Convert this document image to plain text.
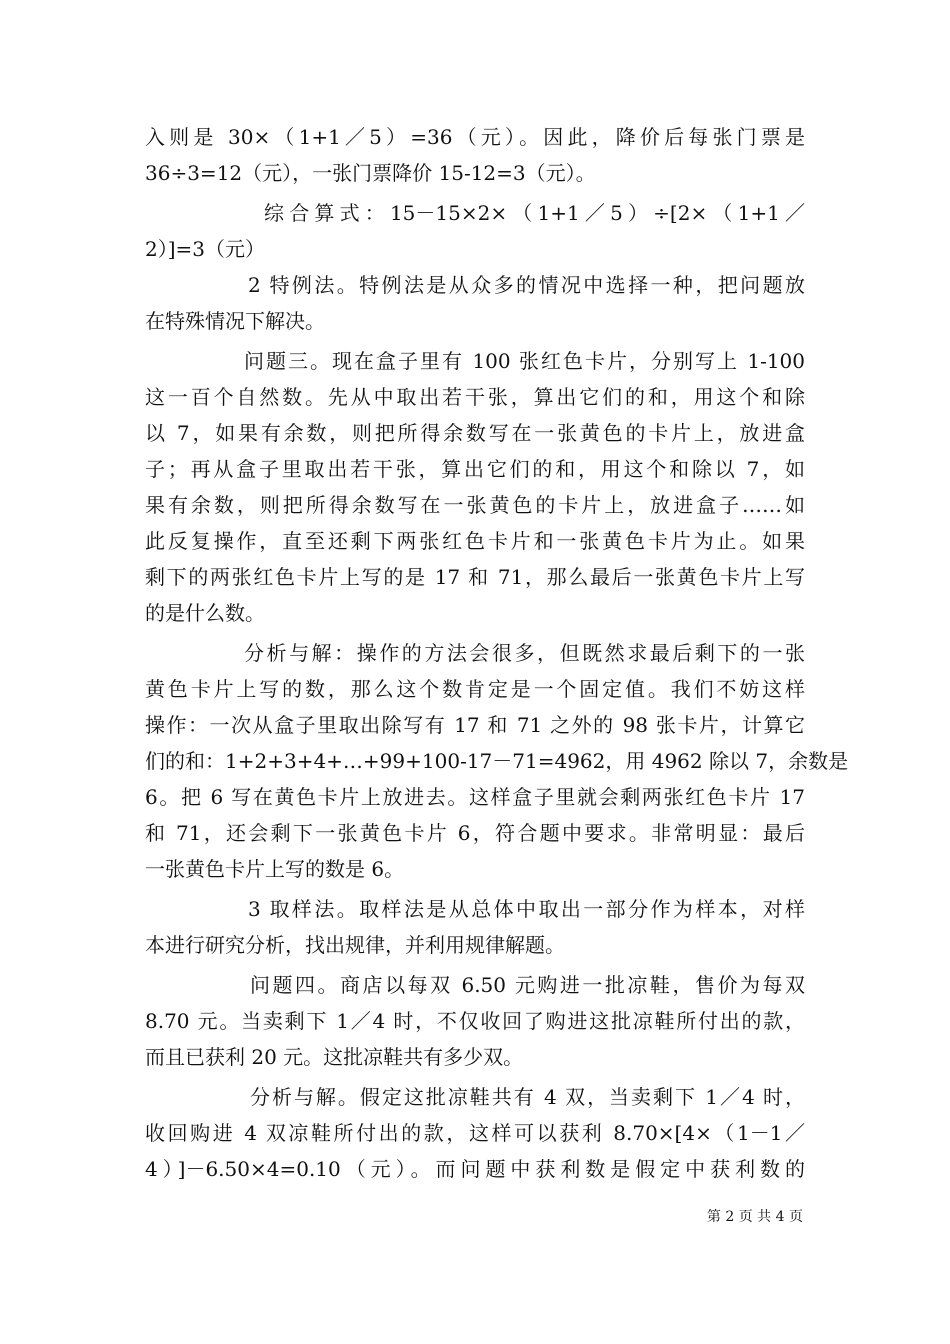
入则是 30×（1+1／5）=36（元）。因此，降价后每张门票是
36÷3=12（元），一张门票降价 15-12=3（元）。
综合算式：15－15×2×（1+1／5）÷[2×（1+1／
2）]=3（元）
2 特例法。特例法是从众多的情况中选择一种，把问题放
在特殊情况下解决。
问题三。现在盒子里有 100 张红色卡片，分别写上 1-100
这一百个自然数。先从中取出若干张，算出它们的和，用这个和除
以 7，如果有余数，则把所得余数写在一张黄色的卡片上，放进盒
子；再从盒子里取出若干张，算出它们的和，用这个和除以 7，如
果有余数，则把所得余数写在一张黄色的卡片上，放进盒子……如
此反复操作，直至还剩下两张红色卡片和一张黄色卡片为止。如果
剩下的两张红色卡片上写的是 17 和 71，那么最后一张黄色卡片上写
的是什么数。
分析与解：操作的方法会很多，但既然求最后剩下的一张
黄色卡片上写的数，那么这个数肯定是一个固定值。我们不妨这样
操作：一次从盒子里取出除写有 17 和 71 之外的 98 张卡片，计算它
们的和：1+2+3+4+…+99+100-17－71=4962，用 4962 除以 7，余数是
6。把 6 写在黄色卡片上放进去。这样盒子里就会剩两张红色卡片 17
和 71，还会剩下一张黄色卡片 6，符合题中要求。非常明显：最后
一张黄色卡片上写的数是 6。
3 取样法。取样法是从总体中取出一部分作为样本，对样
本进行研究分析，找出规律，并利用规律解题。
问题四。商店以每双 6.50 元购进一批凉鞋，售价为每双
8.70 元。当卖剩下 1／4 时，不仅收回了购进这批凉鞋所付出的款，
而且已获利 20 元。这批凉鞋共有多少双。
分析与解。假定这批凉鞋共有 4 双，当卖剩下 1／4 时，
收回购进 4 双凉鞋所付出的款，这样可以获利 8.70×[4×（1－1／
4）]－6.50×4=0.10（元）。而问题中获利数是假定中获利数的
第 2 页 共 4 页
